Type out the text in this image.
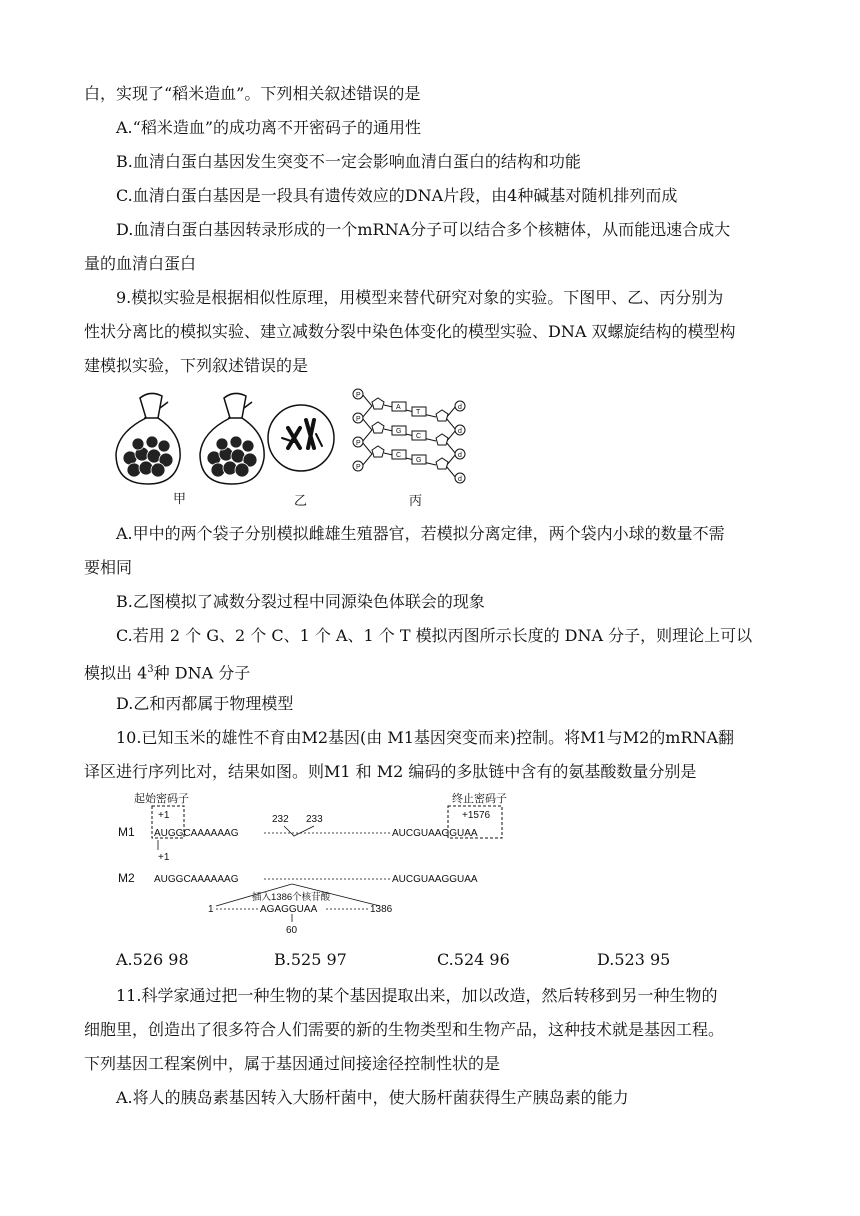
白，实现了“稻米造血”。下列相关叙述错误的是
A.“稻米造血”的成功离不开密码子的通用性
B.血清白蛋白基因发生突变不一定会影响血清白蛋白的结构和功能
C.血清白蛋白基因是一段具有遗传效应的DNA片段，由4种碱基对随机排列而成
D.血清白蛋白基因转录形成的一个mRNA分子可以结合多个核糖体，从而能迅速合成大
量的血清白蛋白
9.模拟实验是根据相似性原理，用模型来替代研究对象的实验。下图甲、乙、丙分别为
性状分离比的模拟实验、建立减数分裂中染色体变化的模型实验、DNA 双螺旋结构的模型构
建模拟实验，下列叙述错误的是
P
P
P
P
d
d
d
d
A
T
G
C
C
G
甲	乙	丙
A.甲中的两个袋子分别模拟雌雄生殖器官，若模拟分离定律，两个袋内小球的数量不需
要相同
B.乙图模拟了减数分裂过程中同源染色体联会的现象
C.若用 2 个 G、2 个 C、1 个 A、1 个 T 模拟丙图所示长度的 DNA 分子，则理论上可以
模拟出 $4^3$种 DNA 分子
D.乙和丙都属于物理模型
10.已知玉米的雄性不育由M2基因(由 M1基因突变而来)控制。将M1与M2的mRNA翻
译区进行序列比对，结果如图。则M1 和 M2 编码的多肽链中含有的氨基酸数量分别是
起始密码子	终止密码子
+1	+1576
M1 AUGGCAAAAAAG
232 233
AUCGUAAGGUAA
+1
M2 AUGGCAAAAAAG	AUCGUAAGGUAA
插入1386个核苷酸
1	AGAGGUAA	1386
60
A.526 98	B.525 97	C.524 96	D.523 95
11.科学家通过把一种生物的某个基因提取出来，加以改造，然后转移到另一种生物的
细胞里，创造出了很多符合人们需要的新的生物类型和生物产品，这种技术就是基因工程。
下列基因工程案例中，属于基因通过间接途径控制性状的是
A.将人的胰岛素基因转入大肠杆菌中，使大肠杆菌获得生产胰岛素的能力
